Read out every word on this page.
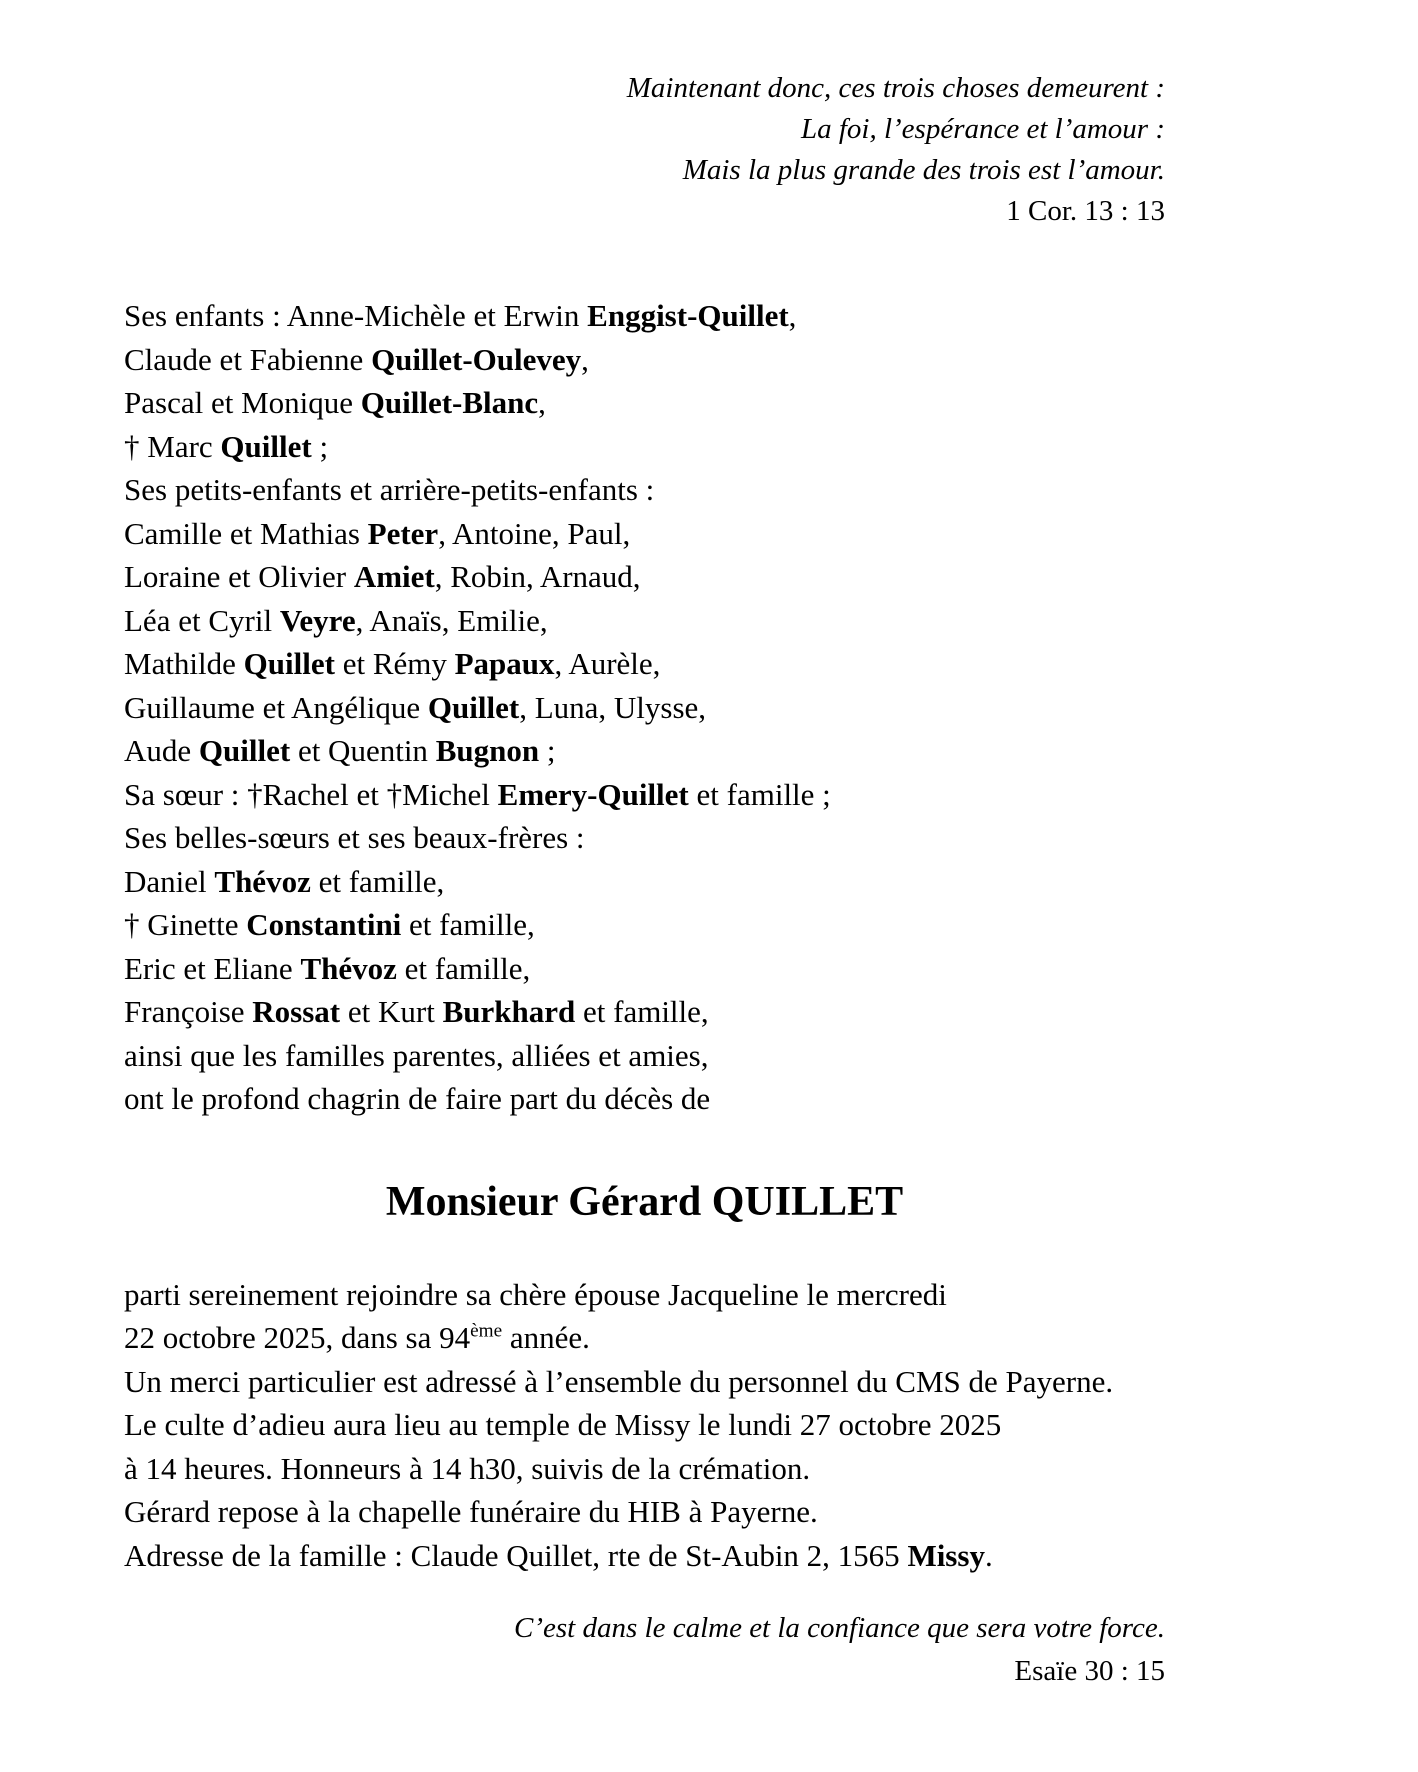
Maintenant donc, ces trois choses demeurent :
La foi, l’espérance et l’amour :
Mais la plus grande des trois est l’amour.
1 Cor. 13 : 13
Ses enfants : Anne-Michèle et Erwin Enggist-Quillet,
Claude et Fabienne Quillet-Oulevey,
Pascal et Monique Quillet-Blanc,
† Marc Quillet ;
Ses petits-enfants et arrière-petits-enfants :
Camille et Mathias Peter, Antoine, Paul,
Loraine et Olivier Amiet, Robin, Arnaud,
Léa et Cyril Veyre, Anaïs, Emilie,
Mathilde Quillet et Rémy Papaux, Aurèle,
Guillaume et Angélique Quillet, Luna, Ulysse,
Aude Quillet et Quentin Bugnon ;
Sa sœur : †Rachel et †Michel Emery-Quillet et famille ;
Ses belles-sœurs et ses beaux-frères :
Daniel Thévoz et famille,
† Ginette Constantini et famille,
Eric et Eliane Thévoz et famille,
Françoise Rossat et Kurt Burkhard et famille,
ainsi que les familles parentes, alliées et amies,
ont le profond chagrin de faire part du décès de
Monsieur Gérard QUILLET
parti sereinement rejoindre sa chère épouse Jacqueline le mercredi
22 octobre 2025, dans sa 94ème année.
Un merci particulier est adressé à l’ensemble du personnel du CMS de Payerne.
Le culte d’adieu aura lieu au temple de Missy le lundi 27 octobre 2025
à 14 heures. Honneurs à 14 h30, suivis de la crémation.
Gérard repose à la chapelle funéraire du HIB à Payerne.
Adresse de la famille : Claude Quillet, rte de St-Aubin 2, 1565 Missy.
C’est dans le calme et la confiance que sera votre force.
Esaïe 30 : 15
